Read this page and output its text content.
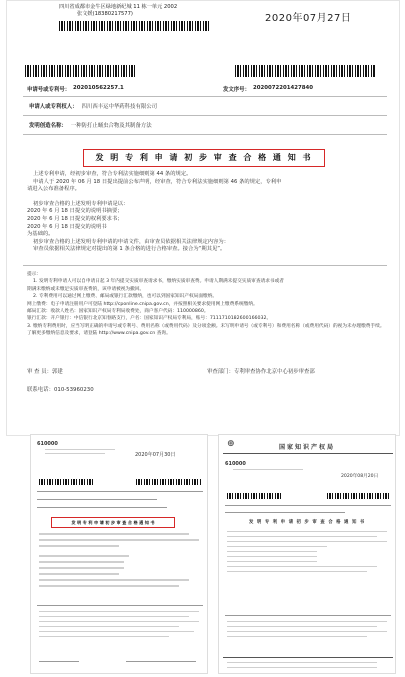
四川省成都市金牛区绿地新纪城 11 栋一单元 2002
张文媛(18380217577)	2020年07月27日
申请号或专利号： 202010562257.1	发文序号： 2020072201427840
申请人或专利权人： 四川西丰运中华药科技有限公司
发明创造名称： 一种防打止蛹虫合物及其制备方法
发 明 专 利 申 请 初 步 审 查 合 格 通 知 书
上述专利申请，经初步审查，符合专利法实施细则第 44 条的规定。
申请人于 2020 年 06 月 18 日提出提前公布声明，经审查，符合专利法实施细则第 46 条的规定，专利申
请进入公布准备程序。
初步审查合格的上述发明专利申请是以：
2020 年 6 月 18 日提交的说明书摘要；
2020 年 6 月 18 日提交的权利要求书；
2020 年 6 月 18 日提交的说明书
为基础的。
初步审查合格的上述发明专利申请的申请文件，由审查员依据相关法律规定内容为：
审查员依据相关法律规定对提出的第 1 条合格的进行合格审查。接合为“期其见”。
提示：
1. 发明专利申请人可以自申请日起 3 年内提交实质审查请求书，缴纳实质审查费。申请人期满未提交实质审查请求书或者
期满未缴纳或未缴足实质审查费的，该申请被视为撤回。
2. 专利费用可以通过网上缴费、邮局或银行汇款缴纳，也可以到国家知识产权局面缴纳。
网上缴费：电子申请注册用户可登陆 http://cponline.cnipa.gov.cn，并按照相关要求使用网上缴费系统缴纳。
邮局汇款：收款人姓名：国家知识产权局专利局收费处，商户客户代码：110000860。
银行汇款：开户银行：中信银行北京知春路支行，户名：国家知识产权局专利局，账号：7111710182600166032。
3. 缴纳专利费用时，应当写明正确的申请号或专利号、费用名称（或费用代码）及分项金额。未写明申请号（或专利号）和费用名称（或费用代码）的视为未办理缴费手续。
了解更多缴纳信息及要求，请登陆 http://www.cnipa.gov.cn 查询。
审 查 员：郭建	审查部门：专利审查协作北京中心初步审查部
联系电话：010-53960230
610000
2020年07月30日
发 明 专 利 申 请 初 步 审 查 合 格 通 知 书
⊕	国家知识产权局
610000
2020年08月20日
发 明 专 利 申 请 初 步 审 查 合 格 通 知 书
